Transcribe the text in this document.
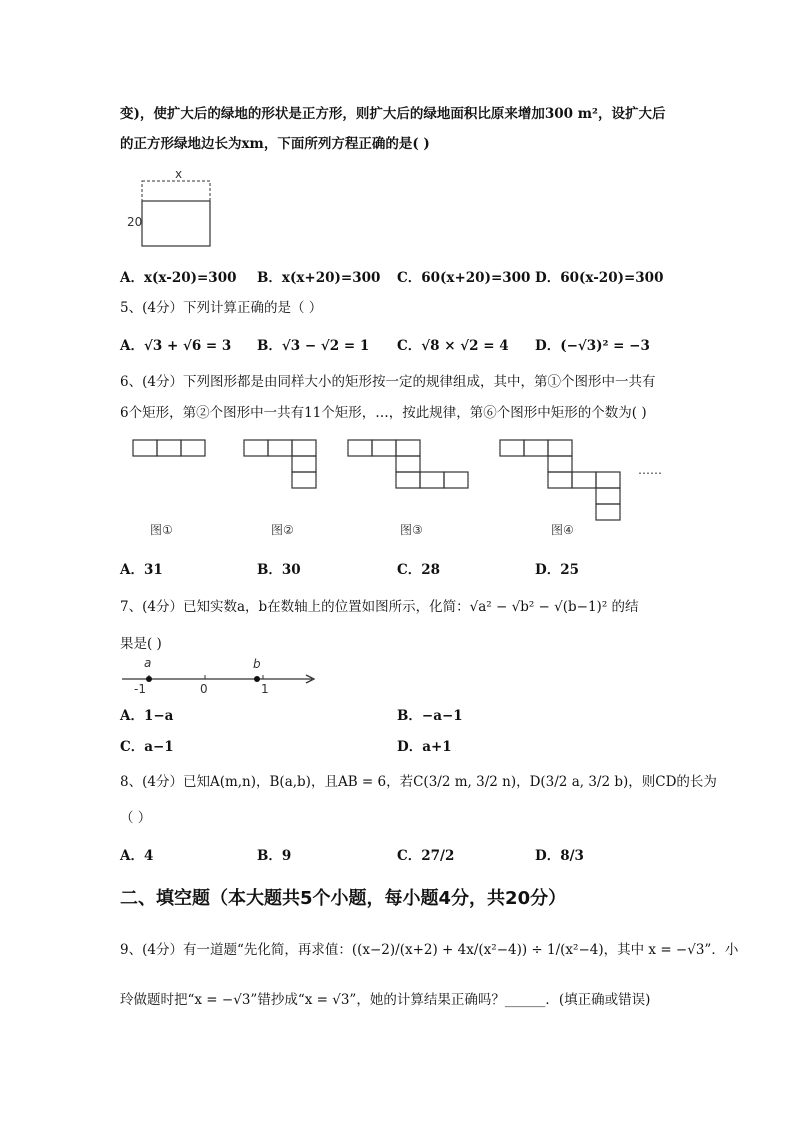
变)，使扩大后的绿地的形状是正方形，则扩大后的绿地面积比原来增加300 m²，设扩大后
的正方形绿地边长为xm，下面所列方程正确的是( )
x
20
A．x(x-20)=300 B．x(x+20)=300 C．60(x+20)=300 D．60(x-20)=300
5、(4分）下列计算正确的是（ ）
A．√3 + √6 = 3 B．√3 − √2 = 1 C．√8 × √2 = 4 D．(−√3)² = −3
6、(4分）下列图形都是由同样大小的矩形按一定的规律组成，其中，第①个图形中一共有
6个矩形，第②个图形中一共有11个矩形，…，按此规律，第⑥个图形中矩形的个数为( )
……
图①	图②	图③	图④
A．31	B．30	C．28	D．25
7、(4分）已知实数a，b在数轴上的位置如图所示，化简：√a² − √b² − √(b−1)² 的结
果是( )
a	b
-1	0	1
A．1−a	B．−a−1
C．a−1	D．a+1
8、(4分）已知A(m,n)，B(a,b)，且AB = 6，若C(3/2 m, 3/2 n)，D(3/2 a, 3/2 b)，则CD的长为
（ ）
A．4	B．9	C．27/2	D．8/3
二、填空题（本大题共5个小题，每小题4分，共20分）
9、(4分）有一道题“先化简，再求值：((x−2)/(x+2) + 4x/(x²−4)) ÷ 1/(x²−4)，其中 x = −√3”．小
玲做题时把“x = −√3”错抄成“x = √3”，她的计算结果正确吗？______．(填正确或错误)
